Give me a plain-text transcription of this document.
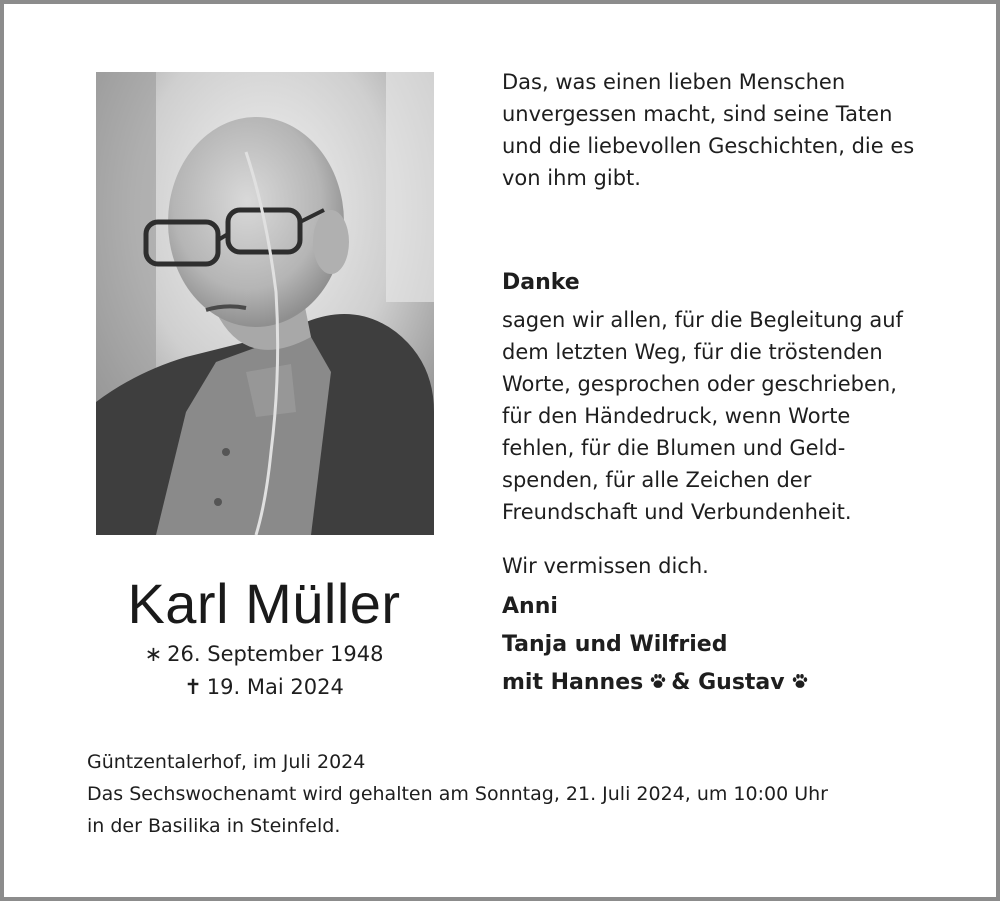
Karl Müller
∗ 26. September 1948
✝ 19. Mai 2024
Das, was einen lieben Menschen
unvergessen macht, sind seine Taten
und die liebevollen Geschichten, die es
von ihm gibt.
Danke
sagen wir allen, für die Begleitung auf
dem letzten Weg, für die tröstenden
Worte, gesprochen oder geschrieben,
für den Händedruck, wenn Worte
fehlen, für die Blumen und Geld-
spenden, für alle Zeichen der
Freundschaft und Verbundenheit.
Wir vermissen dich.
Anni
Tanja und Wilfried
mit Hannes & Gustav
Güntzentalerhof, im Juli 2024
Das Sechswochenamt wird gehalten am Sonntag, 21. Juli 2024, um 10:00 Uhr
in der Basilika in Steinfeld.
